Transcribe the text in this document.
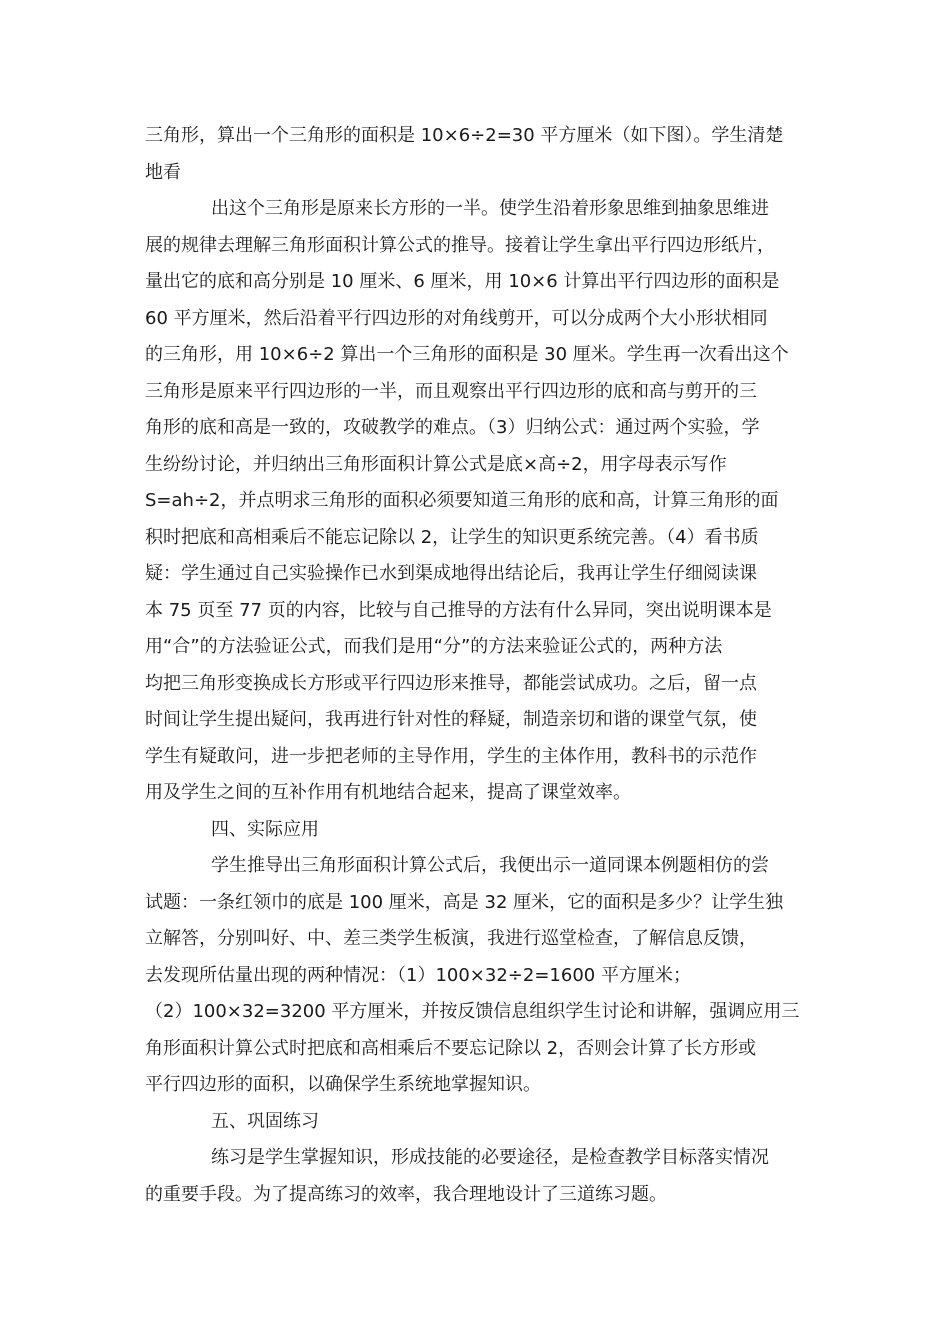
三角形，算出一个三角形的面积是 10×6÷2=30 平方厘米（如下图）。学生清楚
地看
出这个三角形是原来长方形的一半。使学生沿着形象思维到抽象思维进
展的规律去理解三角形面积计算公式的推导。接着让学生拿出平行四边形纸片，
量出它的底和高分别是 10 厘米、6 厘米，用 10×6 计算出平行四边形的面积是
60 平方厘米，然后沿着平行四边形的对角线剪开，可以分成两个大小形状相同
的三角形，用 10×6÷2 算出一个三角形的面积是 30 厘米。学生再一次看出这个
三角形是原来平行四边形的一半，而且观察出平行四边形的底和高与剪开的三
角形的底和高是一致的，攻破教学的难点。（3）归纳公式：通过两个实验，学
生纷纷讨论，并归纳出三角形面积计算公式是底×高÷2，用字母表示写作
S=ah÷2，并点明求三角形的面积必须要知道三角形的底和高，计算三角形的面
积时把底和高相乘后不能忘记除以 2，让学生的知识更系统完善。（4）看书质
疑：学生通过自己实验操作已水到渠成地得出结论后，我再让学生仔细阅读课
本 75 页至 77 页的内容，比较与自己推导的方法有什么异同，突出说明课本是
用“合”的方法验证公式，而我们是用“分”的方法来验证公式的，两种方法
均把三角形变换成长方形或平行四边形来推导，都能尝试成功。之后，留一点
时间让学生提出疑问，我再进行针对性的释疑，制造亲切和谐的课堂气氛，使
学生有疑敢问，进一步把老师的主导作用，学生的主体作用，教科书的示范作
用及学生之间的互补作用有机地结合起来，提高了课堂效率。
四、实际应用
学生推导出三角形面积计算公式后，我便出示一道同课本例题相仿的尝
试题：一条红领巾的底是 100 厘米，高是 32 厘米，它的面积是多少？让学生独
立解答，分别叫好、中、差三类学生板演，我进行巡堂检查，了解信息反馈，
去发现所估量出现的两种情况：（1）100×32÷2=1600 平方厘米；
（2）100×32=3200 平方厘米，并按反馈信息组织学生讨论和讲解，强调应用三
角形面积计算公式时把底和高相乘后不要忘记除以 2，否则会计算了长方形或
平行四边形的面积，以确保学生系统地掌握知识。
五、巩固练习
练习是学生掌握知识，形成技能的必要途径，是检查教学目标落实情况
的重要手段。为了提高练习的效率，我合理地设计了三道练习题。
